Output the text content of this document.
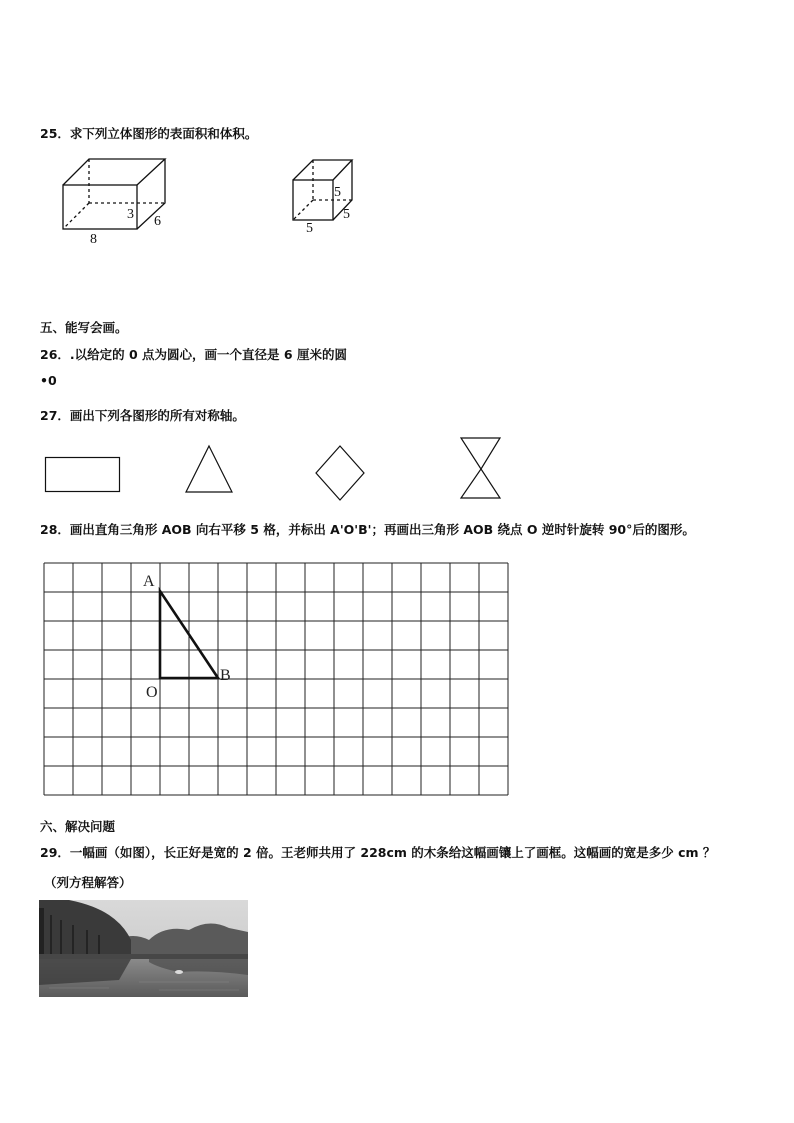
25．求下列立体图形的表面积和体积。
3 6
8
5
5
5
五、能写会画。
26．.以给定的 0 点为圆心，画一个直径是 6 厘米的圆
•0
27．画出下列各图形的所有对称轴。
28．画出直角三角形 AOB 向右平移 5 格，并标出 A'O'B'；再画出三角形 AOB 绕点 O 逆时针旋转 90°后的图形。
A
O
B
六、解决问题
29．一幅画（如图），长正好是宽的 2 倍。王老师共用了 228cm 的木条给这幅画镶上了画框。这幅画的宽是多少 cm ？
（列方程解答）
